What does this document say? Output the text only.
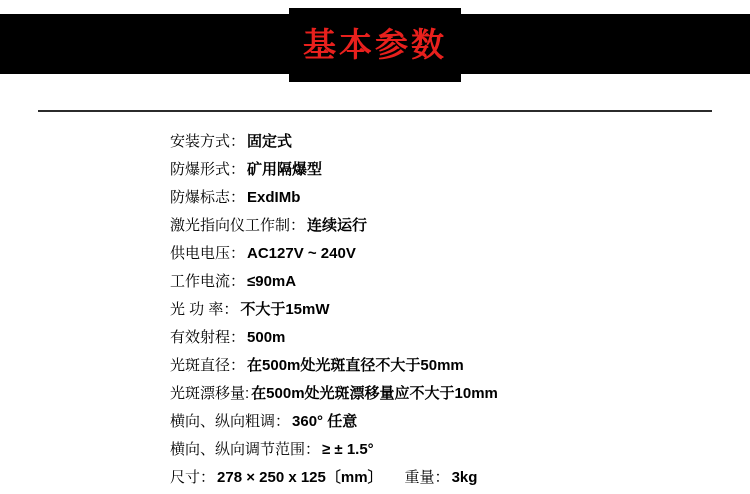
基本参数
安装方式： 固定式
防爆形式： 矿用隔爆型
防爆标志： ExdIMb
激光指向仪工作制： 连续运行
供电电压： AC127V ~ 240V
工作电流： ≤90mA
光 功 率： 不大于15mW
有效射程： 500m
光斑直径： 在500m处光斑直径不大于50mm
光斑漂移量: 在500m处光斑漂移量应不大于10mm
横向、纵向粗调： 360° 任意
横向、纵向调节范围： ≥ ± 1.5°
尺寸： 278 × 250 x 125〔mm〕 重量： 3kg
